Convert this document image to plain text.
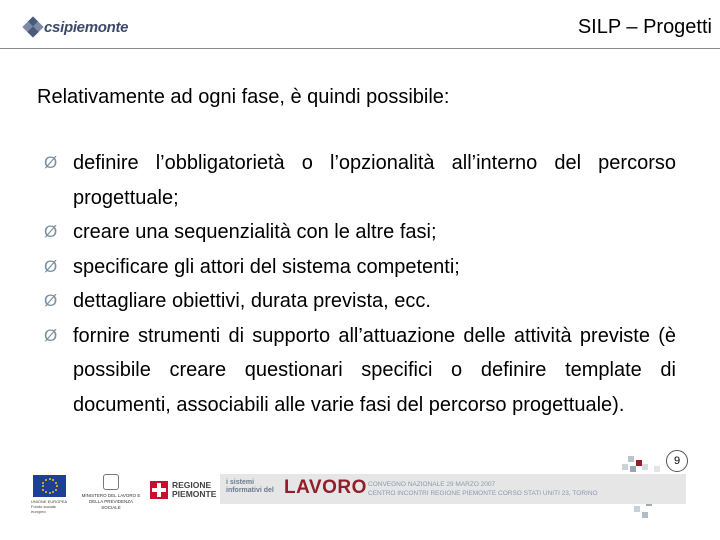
csipiemonte	SILP – Progetti
Relativamente ad ogni fase, è quindi possibile:
Ø definire l’obbligatorietà o l’opzionalità all’interno del percorso progettuale;
Ø creare una sequenzialità con le altre fasi;
Ø specificare gli attori del sistema competenti;
Ø dettagliare obiettivi, durata prevista, ecc.
Ø fornire strumenti di supporto all’attuazione delle attività previste (è possibile creare questionari specifici o definire template di documenti, associabili alle varie fasi del percorso progettuale).
9
UNIONE EUROPEA Fondo sociale europeo
MINISTERO DEL LAVORO E DELLA PREVIDENZA SOCIALE
REGIONE
PIEMONTE
i sistemi
informativi del LAVORO CONVEGNO NAZIONALE 29 MARZO 2007
CENTRO INCONTRI REGIONE PIEMONTE CORSO STATI UNITI 23, TORINO
